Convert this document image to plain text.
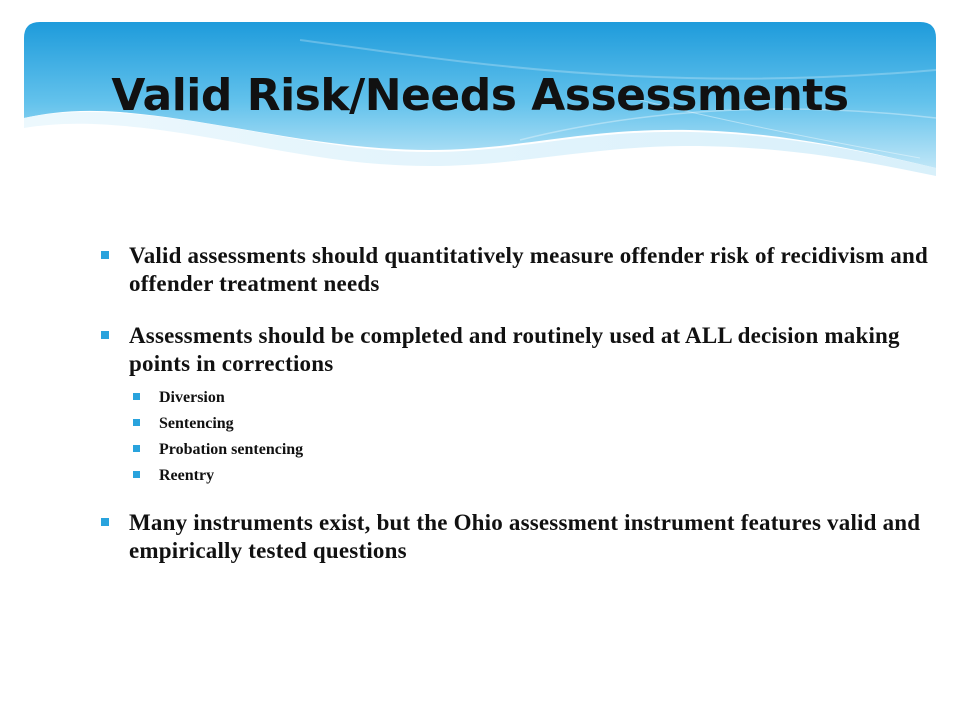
Valid Risk/Needs Assessments
Valid assessments should quantitatively measure offender risk of recidivism and offender treatment needs
Assessments should be completed and routinely used at ALL decision making points in corrections
Diversion
Sentencing
Probation sentencing
Reentry
Many instruments exist, but the Ohio assessment instrument features valid and empirically tested questions
